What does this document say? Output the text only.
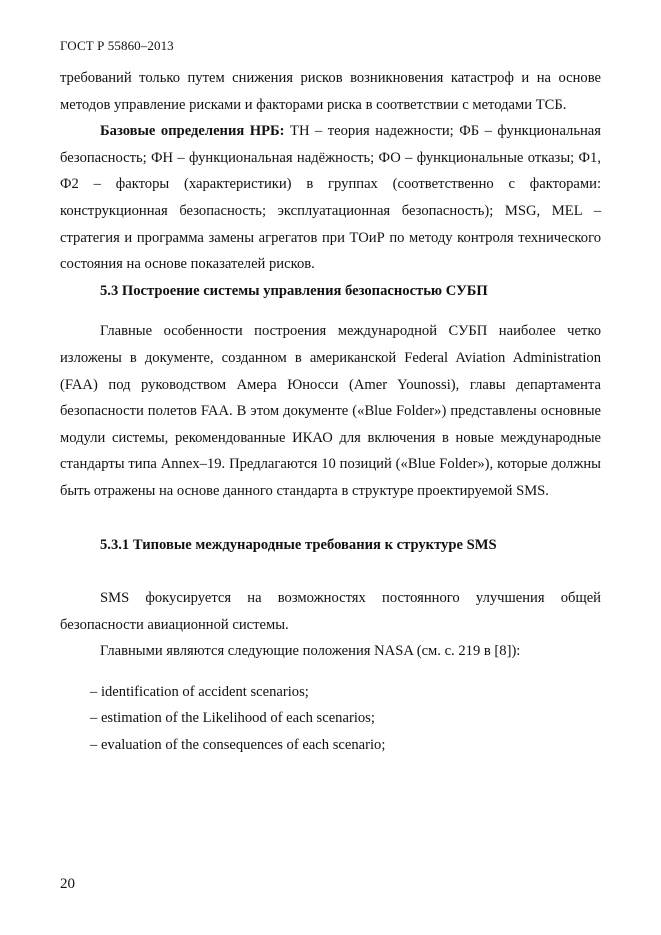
ГОСТ Р 55860–2013

требований только путем снижения рисков возникновения катастроф и на основе методов управление рисками и факторами риска в соответствии с методами ТСБ.

Базовые определения НРБ: ТН – теория надежности; ФБ – функциональная безопасность; ФН – функциональная надёжность; ФО – функциональные отказы; Ф1, Ф2 – факторы (характеристики) в группах (соответственно с факторами: конструкционная безопасность; эксплуатационная безопасность); MSG, MEL – стратегия и программа замены агрегатов при ТОиР по методу контроля технического состояния на основе показателей рисков.

5.3 Построение системы управления безопасностью СУБП

Главные особенности построения международной СУБП наиболее четко изложены в документе, созданном в американской Federal Aviation Administration (FAA) под руководством Амера Юносси (Amer Younossi), главы департамента безопасности полетов FAA. В этом документе («Blue Folder») представлены основные модули системы, рекомендованные ИКАО для включения в новые международные стандарты типа Annex–19. Предлагаются 10 позиций («Blue Folder»), которые должны быть отражены на основе данного стандарта в структуре проектируемой SMS.

5.3.1 Типовые международные требования к структуре SMS

SMS фокусируется на возможностях постоянного улучшения общей безопасности авиационной системы.

Главными являются следующие положения NASA (см. с. 219 в [8]):

– identification of accident scenarios;
– estimation of the Likelihood of each scenarios;
– evaluation of the consequences of each scenario;
20
